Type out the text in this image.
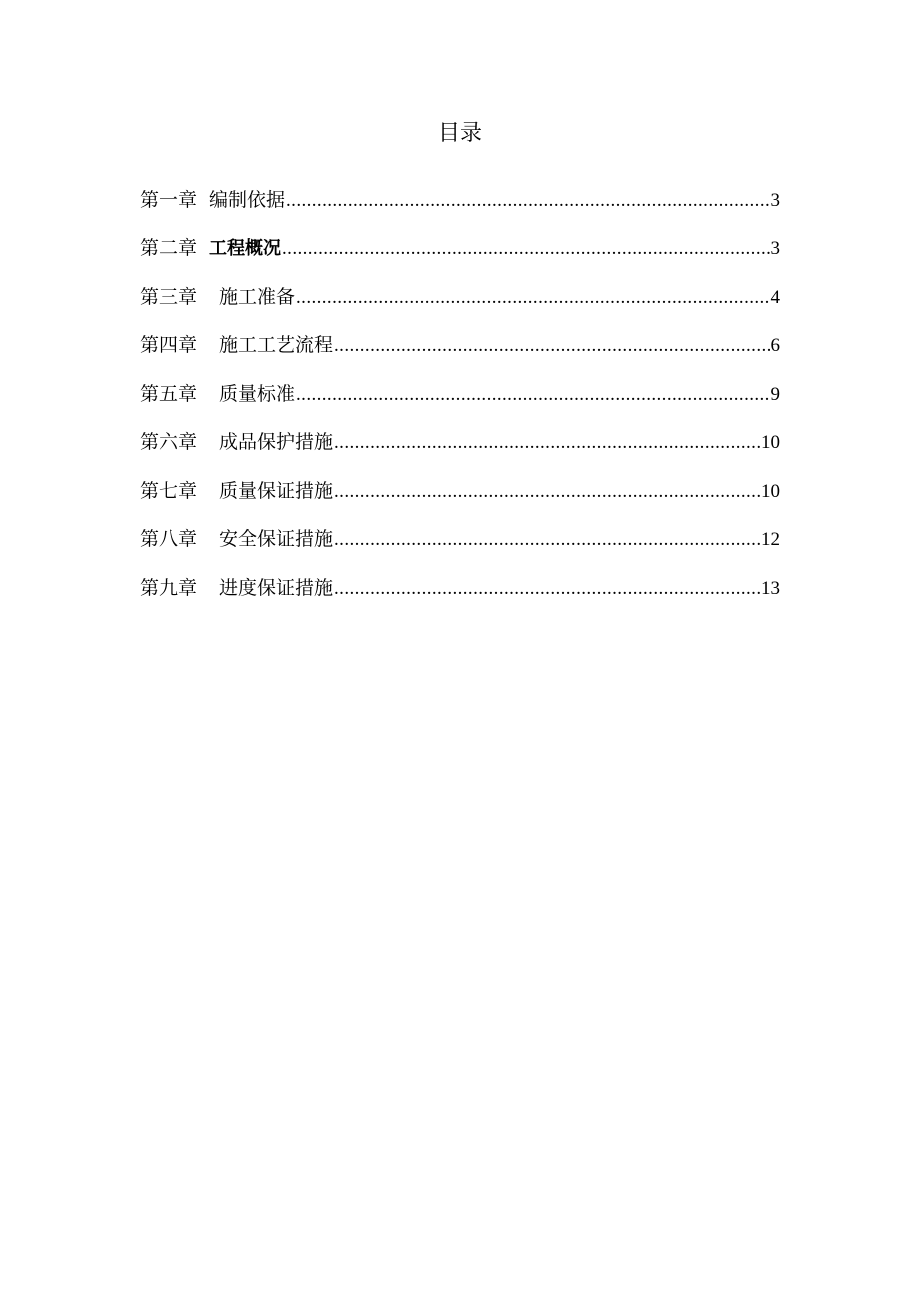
目录
第一章 编制依据 .....	3
第二章 工程概况 .....	3
第三章 施工准备 .....	4
第四章 施工工艺流程 .....	6
第五章 质量标准 .....	9
第六章 成品保护措施 .....	10
第七章 质量保证措施 .....	10
第八章 安全保证措施 .....	12
第九章 进度保证措施 .....	13
